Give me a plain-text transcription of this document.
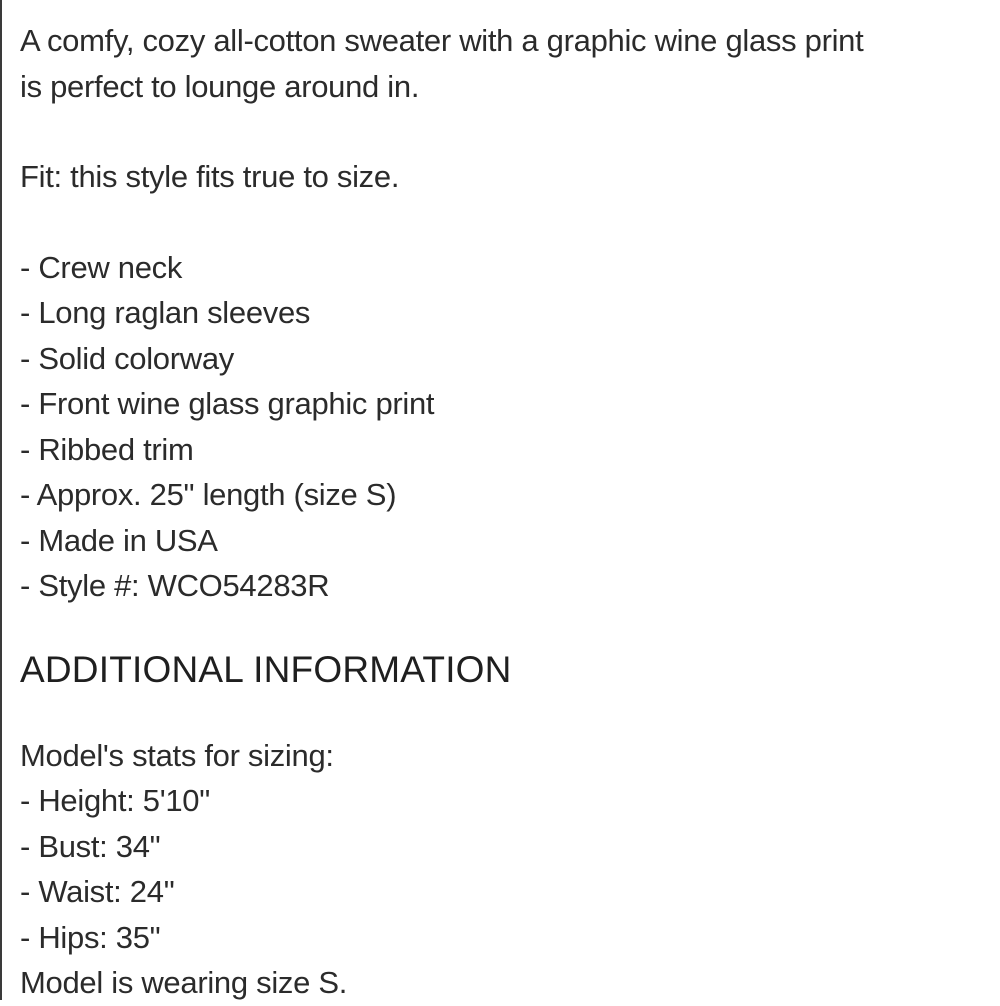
A comfy, cozy all-cotton sweater with a graphic wine glass print
is perfect to lounge around in.

Fit: this style fits true to size.

- Crew neck
- Long raglan sleeves
- Solid colorway
- Front wine glass graphic print
- Ribbed trim
- Approx. 25" length (size S)
- Made in USA
- Style #: WCO54283R
ADDITIONAL INFORMATION

Model's stats for sizing:

- Height: 5'10"
- Bust: 34"
- Waist: 24"
- Hips: 35"

Model is wearing size S.
